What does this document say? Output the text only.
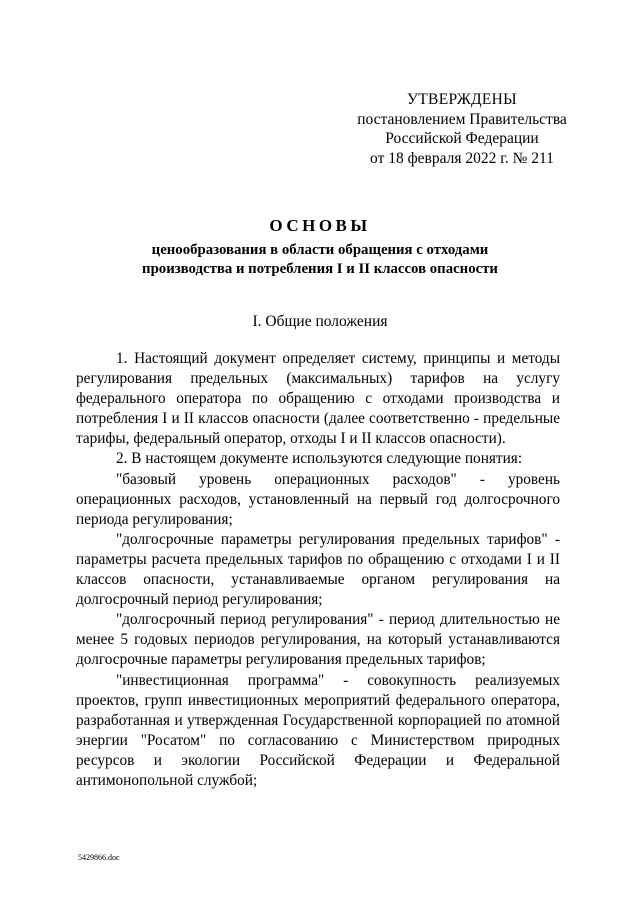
УТВЕРЖДЕНЫ
постановлением Правительства
Российской Федерации
от 18 февраля 2022 г. № 211
ОСНОВЫ
ценообразования в области обращения с отходами
производства и потребления I и II классов опасности
I. Общие положения

1. Настоящий документ определяет систему, принципы и методы регулирования предельных (максимальных) тарифов на услугу федерального оператора по обращению с отходами производства и потребления I и II классов опасности (далее соответственно - предельные тарифы, федеральный оператор, отходы I и II классов опасности).

2. В настоящем документе используются следующие понятия:

"базовый уровень операционных расходов" - уровень операционных расходов, установленный на первый год долгосрочного периода регулирования;

"долгосрочные параметры регулирования предельных тарифов" - параметры расчета предельных тарифов по обращению с отходами I и II классов опасности, устанавливаемые органом регулирования на долгосрочный период регулирования;

"долгосрочный период регулирования" - период длительностью не менее 5 годовых периодов регулирования, на который устанавливаются долгосрочные параметры регулирования предельных тарифов;

"инвестиционная программа" - совокупность реализуемых проектов, групп инвестиционных мероприятий федерального оператора, разработанная и утвержденная Государственной корпорацией по атомной энергии "Росатом" по согласованию с Министерством природных ресурсов и экологии Российской Федерации и Федеральной антимонопольной службой;

5429866.doc
